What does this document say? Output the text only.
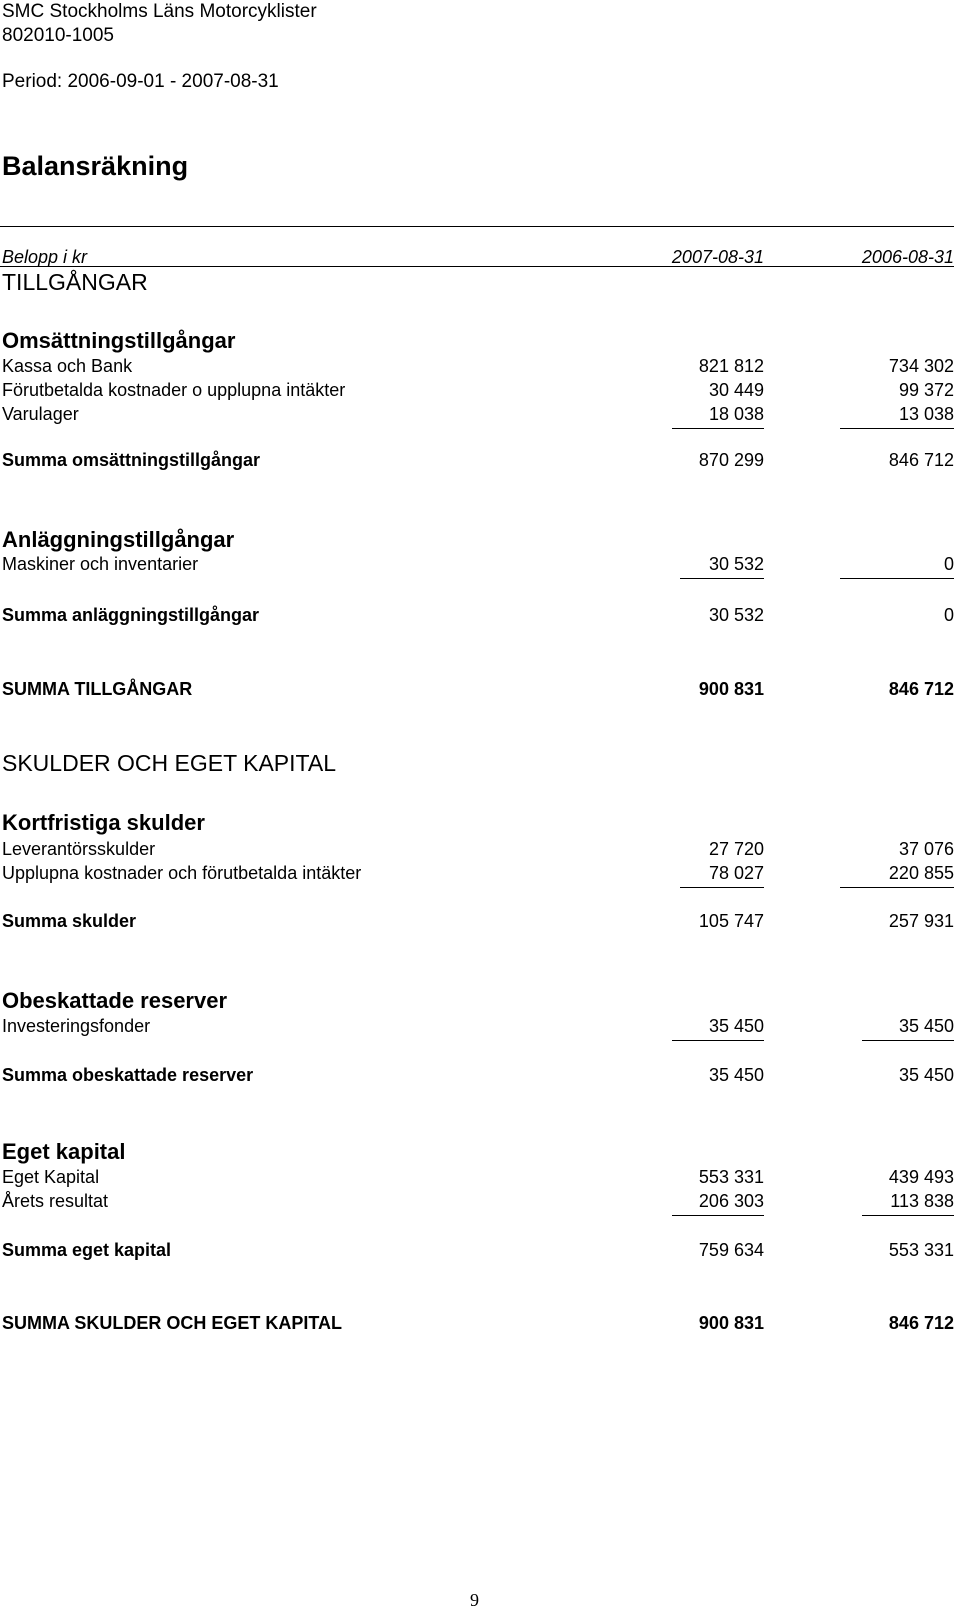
SMC Stockholms Läns Motorcyklister
802010-1005
Period: 2006-09-01 - 2007-08-31
Balansräkning
Belopp i kr	2007-08-31	2006-08-31
TILLGÅNGAR
Omsättningstillgångar
Kassa och Bank	821 812	734 302
Förutbetalda kostnader o upplupna intäkter	30 449	99 372
Varulager	18 038	13 038
Summa omsättningstillgångar	870 299	846 712
Anläggningstillgångar
Maskiner och inventarier	30 532	0
Summa anläggningstillgångar	30 532	0
SUMMA TILLGÅNGAR	900 831	846 712
SKULDER OCH EGET KAPITAL
Kortfristiga skulder
Leverantörsskulder	27 720	37 076
Upplupna kostnader och förutbetalda intäkter	78 027	220 855
Summa skulder	105 747	257 931
Obeskattade reserver
Investeringsfonder	35 450	35 450
Summa obeskattade reserver	35 450	35 450
Eget kapital
Eget Kapital	553 331	439 493
Årets resultat	206 303	113 838
Summa eget kapital	759 634	553 331
SUMMA SKULDER OCH EGET KAPITAL	900 831	846 712
9
